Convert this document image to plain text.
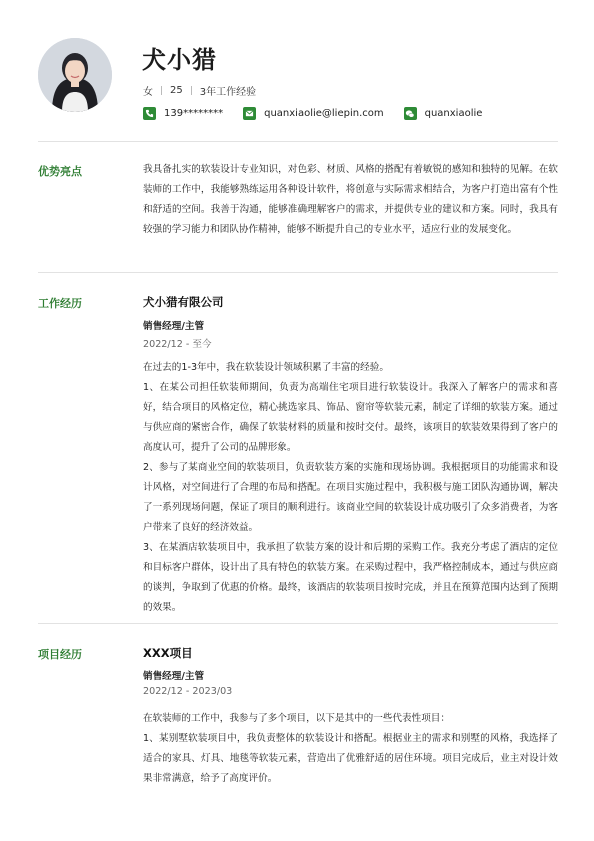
犬小猎
女 25 3年工作经验
139********	quanxiaolie@liepin.com	quanxiaolie
优势亮点	我具备扎实的软装设计专业知识，对色彩、材质、风格的搭配有着敏锐的感知和独特的见解。在软装师的工作中，我能够熟练运用各种设计软件，将创意与实际需求相结合，为客户打造出富有个性和舒适的空间。我善于沟通，能够准确理解客户的需求，并提供专业的建议和方案。同时，我具有较强的学习能力和团队协作精神，能够不断提升自己的专业水平，适应行业的发展变化。
工作经历	犬小猎有限公司
销售经理/主管
2022/12 - 至今
在过去的1-3年中，我在软装设计领域积累了丰富的经验。
1、在某公司担任软装师期间，负责为高端住宅项目进行软装设计。我深入了解客户的需求和喜好，结合项目的风格定位，精心挑选家具、饰品、窗帘等软装元素，制定了详细的软装方案。通过与供应商的紧密合作，确保了软装材料的质量和按时交付。最终，该项目的软装效果得到了客户的高度认可，提升了公司的品牌形象。
2、参与了某商业空间的软装项目，负责软装方案的实施和现场协调。我根据项目的功能需求和设计风格，对空间进行了合理的布局和搭配。在项目实施过程中，我积极与施工团队沟通协调，解决了一系列现场问题，保证了项目的顺利进行。该商业空间的软装设计成功吸引了众多消费者，为客户带来了良好的经济效益。
3、在某酒店软装项目中，我承担了软装方案的设计和后期的采购工作。我充分考虑了酒店的定位和目标客户群体，设计出了具有特色的软装方案。在采购过程中，我严格控制成本，通过与供应商的谈判，争取到了优惠的价格。最终，该酒店的软装项目按时完成，并且在预算范围内达到了预期的效果。
项目经历	XXX项目
销售经理/主管
2022/12 - 2023/03
在软装师的工作中，我参与了多个项目，以下是其中的一些代表性项目：
1、某别墅软装项目中，我负责整体的软装设计和搭配。根据业主的需求和别墅的风格，我选择了适合的家具、灯具、地毯等软装元素，营造出了优雅舒适的居住环境。项目完成后，业主对设计效果非常满意，给予了高度评价。
